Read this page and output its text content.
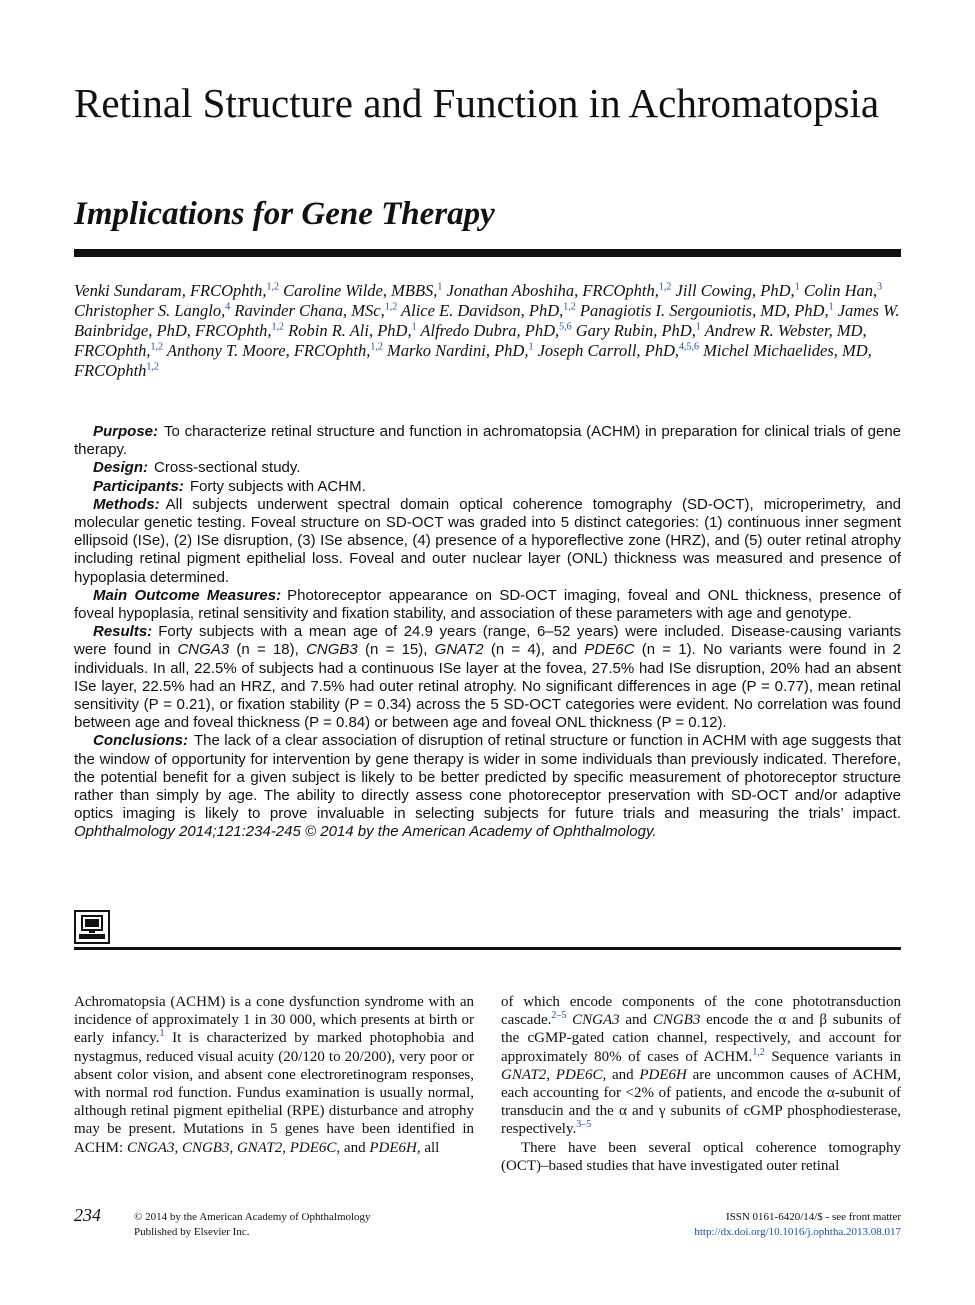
Retinal Structure and Function in Achromatopsia
Implications for Gene Therapy
Venki Sundaram, FRCOphth,$^{1,2}$ Caroline Wilde, MBBS,$^1$ Jonathan Aboshiha, FRCOphth,$^{1,2}$ Jill Cowing, PhD,$^1$ Colin Han,$^3$ Christopher S. Langlo,$^4$ Ravinder Chana, MSc,$^{1,2}$ Alice E. Davidson, PhD,$^{1,2}$ Panagiotis I. Sergouniotis, MD, PhD,$^1$ James W. Bainbridge, PhD, FRCOphth,$^{1,2}$ Robin R. Ali, PhD,$^1$ Alfredo Dubra, PhD,$^{5,6}$ Gary Rubin, PhD,$^1$ Andrew R. Webster, MD, FRCOphth,$^{1,2}$ Anthony T. Moore, FRCOphth,$^{1,2}$ Marko Nardini, PhD,$^1$ Joseph Carroll, PhD,$^{4,5,6}$ Michel Michaelides, MD, FRCOphth$^{1,2}$

Purpose: To characterize retinal structure and function in achromatopsia (ACHM) in preparation for clinical trials of gene therapy.

Design: Cross-sectional study.

Participants: Forty subjects with ACHM.

Methods: All subjects underwent spectral domain optical coherence tomography (SD-OCT), microperimetry, and molecular genetic testing. Foveal structure on SD-OCT was graded into 5 distinct categories: (1) continuous inner segment ellipsoid (ISe), (2) ISe disruption, (3) ISe absence, (4) presence of a hyporeflective zone (HRZ), and (5) outer retinal atrophy including retinal pigment epithelial loss. Foveal and outer nuclear layer (ONL) thickness was measured and presence of hypoplasia determined.

Main Outcome Measures: Photoreceptor appearance on SD-OCT imaging, foveal and ONL thickness, presence of foveal hypoplasia, retinal sensitivity and fixation stability, and association of these parameters with age and genotype.

Results: Forty subjects with a mean age of 24.9 years (range, 6–52 years) were included. Disease-causing variants were found in CNGA3 (n = 18), CNGB3 (n = 15), GNAT2 (n = 4), and PDE6C (n = 1). No variants were found in 2 individuals. In all, 22.5% of subjects had a continuous ISe layer at the fovea, 27.5% had ISe disruption, 20% had an absent ISe layer, 22.5% had an HRZ, and 7.5% had outer retinal atrophy. No significant differences in age (P = 0.77), mean retinal sensitivity (P = 0.21), or fixation stability (P = 0.34) across the 5 SD-OCT categories were evident. No correlation was found between age and foveal thickness (P = 0.84) or between age and foveal ONL thickness (P = 0.12).

Conclusions: The lack of a clear association of disruption of retinal structure or function in ACHM with age suggests that the window of opportunity for intervention by gene therapy is wider in some individuals than previously indicated. Therefore, the potential benefit for a given subject is likely to be better predicted by specific measurement of photoreceptor structure rather than simply by age. The ability to directly assess cone photoreceptor preservation with SD-OCT and/or adaptive optics imaging is likely to prove invaluable in selecting subjects for future trials and measuring the trials’ impact. Ophthalmology 2014;121:234-245 © 2014 by the American Academy of Ophthalmology.

Achromatopsia (ACHM) is a cone dysfunction syndrome with an incidence of approximately 1 in 30 000, which presents at birth or early infancy.$^1$ It is characterized by marked photophobia and nystagmus, reduced visual acuity (20/120 to 20/200), very poor or absent color vision, and absent cone electroretinogram responses, with normal rod function. Fundus examination is usually normal, although retinal pigment epithelial (RPE) disturbance and atrophy may be present. Mutations in 5 genes have been identified in ACHM: CNGA3, CNGB3, GNAT2, PDE6C, and PDE6H, all

of which encode components of the cone phototransduction cascade.$^{2-5}$ CNGA3 and CNGB3 encode the α and β subunits of the cGMP-gated cation channel, respectively, and account for approximately 80% of cases of ACHM.$^{1,2}$ Sequence variants in GNAT2, PDE6C, and PDE6H are uncommon causes of ACHM, each accounting for <2% of patients, and encode the α-subunit of transducin and the α and γ subunits of cGMP phosphodiesterase, respectively.$^{3-5}$

There have been several optical coherence tomography (OCT)–based studies that have investigated outer retinal

234	© 2014 by the American Academy of Ophthalmology
Published by Elsevier Inc.
ISSN 0161-6420/14/$ - see front matter
http://dx.doi.org/10.1016/j.ophtha.2013.08.017
